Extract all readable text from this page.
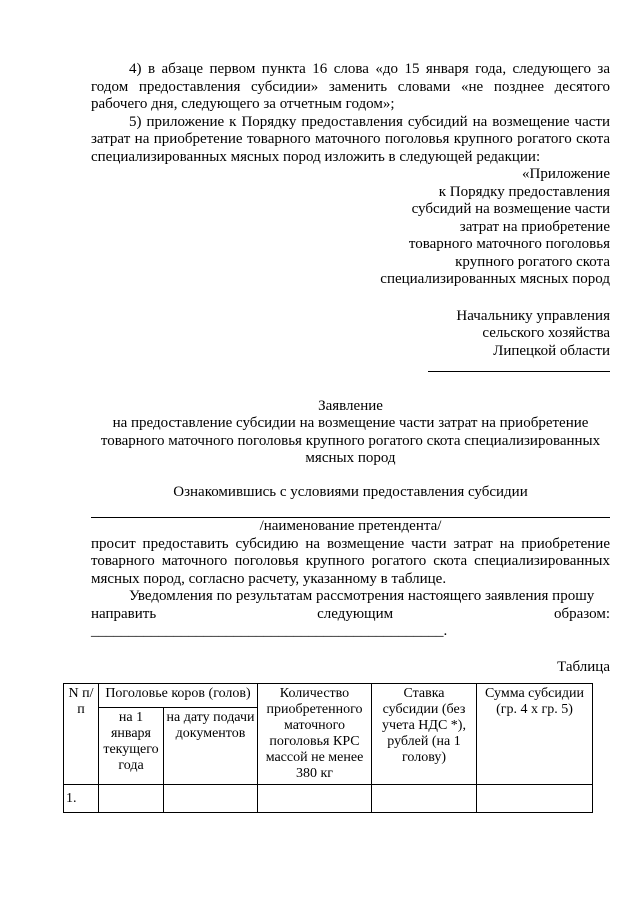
4) в абзаце первом пункта 16 слова «до 15 января года, следующего за годом предоставления субсидии» заменить словами «не позднее десятого рабочего дня, следующего за отчетным годом»;

5) приложение к Порядку предоставления субсидий на возмещение части затрат на приобретение товарного маточного поголовья крупного рогатого скота специализированных мясных пород изложить в следующей редакции:

«Приложение
к Порядку предоставления
субсидий на возмещение части
затрат на приобретение
товарного маточного поголовья
крупного рогатого скота
специализированных мясных пород
Начальнику управления
сельского хозяйства
Липецкой области
Заявление
на предоставление субсидии на возмещение части затрат на приобретение товарного маточного поголовья крупного рогатого скота специализированных мясных пород

Ознакомившись с условиями предоставления субсидии

/наименование претендента/

просит предоставить субсидию на возмещение части затрат на приобретение товарного маточного поголовья крупного рогатого скота специализированных мясных пород, согласно расчету, указанному в таблице.

Уведомления по результатам рассмотрения настоящего заявления прошу

направить	следующим	образом:

_______________________________________________.

Таблица

N п/п	Поголовье коров (голов)		Количество приобретенного маточного поголовья КРС массой не менее 380 кг	Ставка субсидии (без учета НДС *), рублей (на 1 голову)	Сумма субсидии (гр. 4 х гр. 5)
	на 1 января текущего года	на дату подачи документов			
1.					
